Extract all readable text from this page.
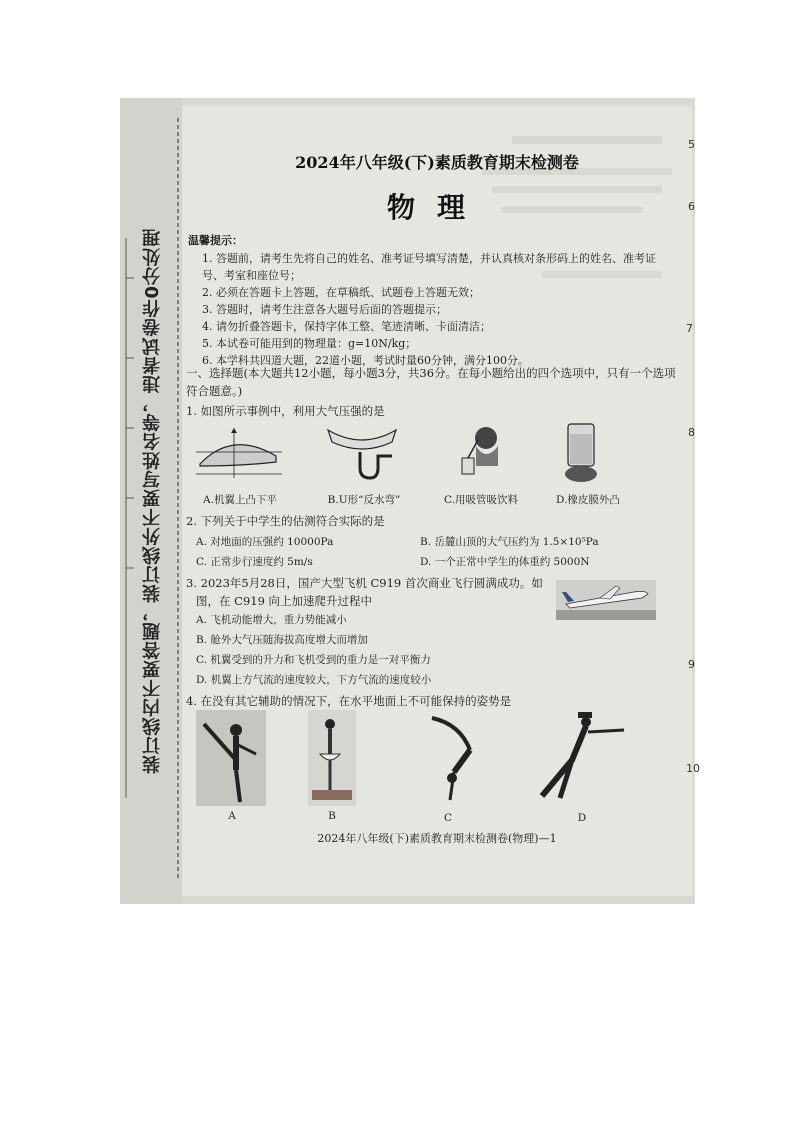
装订线内不要答题，装订线外不要写姓名等，违者试卷作0分处理
2024年八年级(下)素质教育期末检测卷
物理
温馨提示：
1. 答题前，请考生先将自己的姓名、准考证号填写清楚，并认真核对条形码上的姓名、准考证号、考室和座位号；
2. 必须在答题卡上答题，在草稿纸、试题卷上答题无效；
3. 答题时，请考生注意各大题号后面的答题提示；
4. 请勿折叠答题卡，保持字体工整、笔迹清晰、卡面清洁；
5. 本试卷可能用到的物理量：g=10N/kg；
6. 本学科共四道大题，22道小题，考试时量60分钟，满分100分。
一、选择题(本大题共12小题，每小题3分，共36分。在每小题给出的四个选项中，只有一个选项符合题意。)
1. 如图所示事例中，利用大气压强的是
A.机翼上凸下平	B.U形“反水弯”	C.用吸管吸饮料	D.橡皮膜外凸
2. 下列关于中学生的估测符合实际的是
A. 对地面的压强约 10000Pa	B. 岳麓山顶的大气压约为 1.5×10⁵Pa
C. 正常步行速度约 5m/s	D. 一个正常中学生的体重约 5000N
3. 2023年5月28日，国产大型飞机 C919 首次商业飞行圆满成功。如
图，在 C919 向上加速爬升过程中
A. 飞机动能增大，重力势能减小
B. 舱外大气压随海拔高度增大而增加
C. 机翼受到的升力和飞机受到的重力是一对平衡力
D. 机翼上方气流的速度较大，下方气流的速度较小
4. 在没有其它辅助的情况下，在水平地面上不可能保持的姿势是
A	B	C	D
2024年八年级(下)素质教育期末检测卷(物理)—1
5
6
7
8
9
10
